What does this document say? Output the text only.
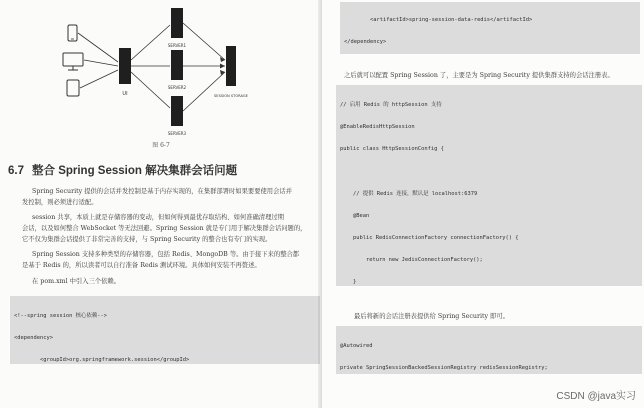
UI
SERVER1
SERVER2
SERVER3
SESSION STORAGE
图 6-7
6.7 整合 Spring Session 解决集群会话问题
Spring Security 提供的会话并发控制是基于内存实现的，在集群部署时如果要要使用会话并
发控制，则必须进行适配。
session 共享，本质上就是存储容器的变动，但如何得到最优存取结构、如何准确清理过期
会话，以及如何整合 WebSocket 等无法回避。Spring Session 就是专门用于解决集群会话问题的，
它不仅为集群会话提供了非常完善的支持，与 Spring Security 的整合也有专门的实现。
Spring Session 支持多种类型的存储容器，包括 Redis、MongoDB 等。由于接下来的整合都
是基于 Redis 的，所以读者可以自行准备 Redis 测试环境。具体如何安装不再赘述。
在 pom.xml 中引入三个依赖。

<!--spring session 核心依赖-->

<dependency>

<groupId>org.springframework.session</groupId>

<artifactId>spring-session-data-redis</artifactId>

</dependency>

之后就可以配置 Spring Session 了，主要是为 Spring Security 提供集群支持的会话注册表。

// 启用 Redis 的 httpSession 支持

@EnableRedisHttpSession

public class HttpSessionConfig {

// 提供 Redis 连接，默认是 localhost:6379

@Bean

public RedisConnectionFactory connectionFactory() {

return new JedisConnectionFactory();

}

最后将新的会话注册表提供给 Spring Security 即可。

@Autowired

private SpringSessionBackedSessionRegistry redisSessionRegistry;

CSDN @java实习
